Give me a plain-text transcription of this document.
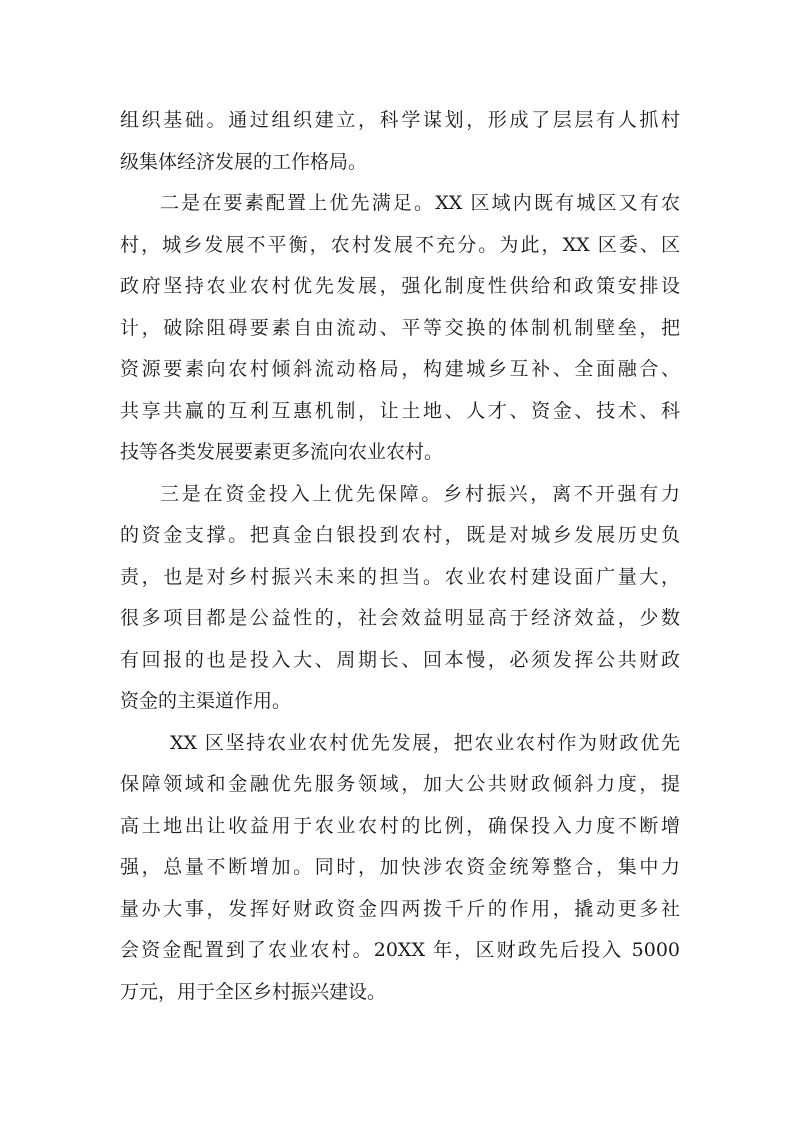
组织基础。通过组织建立，科学谋划，形成了层层有人抓村
级集体经济发展的工作格局。
二是在要素配置上优先满足。XX 区域内既有城区又有农
村，城乡发展不平衡，农村发展不充分。为此，XX 区委、区
政府坚持农业农村优先发展，强化制度性供给和政策安排设
计，破除阻碍要素自由流动、平等交换的体制机制壁垒，把
资源要素向农村倾斜流动格局，构建城乡互补、全面融合、
共享共赢的互利互惠机制，让土地、人才、资金、技术、科
技等各类发展要素更多流向农业农村。
三是在资金投入上优先保障。乡村振兴，离不开强有力
的资金支撑。把真金白银投到农村，既是对城乡发展历史负
责，也是对乡村振兴未来的担当。农业农村建设面广量大，
很多项目都是公益性的，社会效益明显高于经济效益，少数
有回报的也是投入大、周期长、回本慢，必须发挥公共财政
资金的主渠道作用。
XX 区坚持农业农村优先发展，把农业农村作为财政优先
保障领域和金融优先服务领域，加大公共财政倾斜力度，提
高土地出让收益用于农业农村的比例，确保投入力度不断增
强，总量不断增加。同时，加快涉农资金统筹整合，集中力
量办大事，发挥好财政资金四两拨千斤的作用，撬动更多社
会资金配置到了农业农村。20XX 年，区财政先后投入 5000
万元，用于全区乡村振兴建设。
